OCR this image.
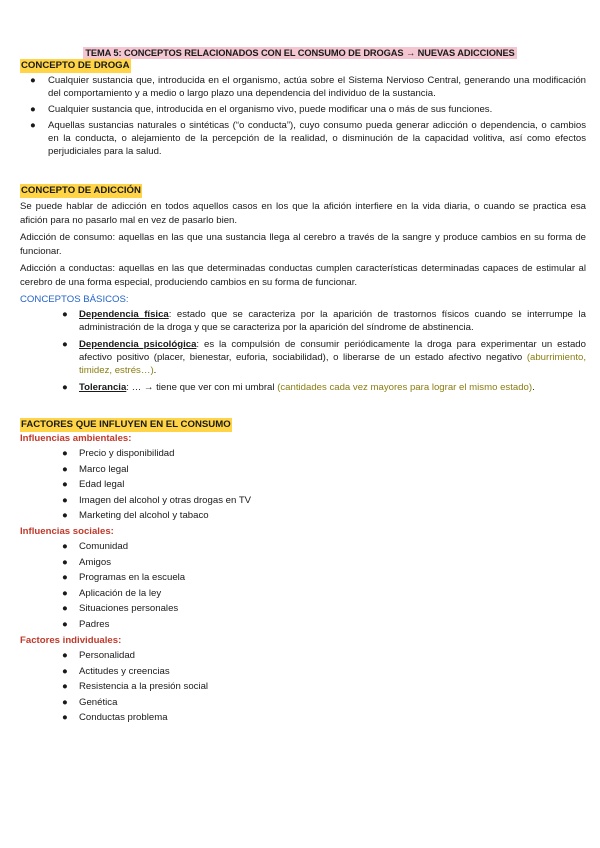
TEMA 5: CONCEPTOS RELACIONADOS CON EL CONSUMO DE DROGAS → NUEVAS ADICCIONES
CONCEPTO DE DROGA
● Cualquier sustancia que, introducida en el organismo, actúa sobre el Sistema Nervioso Central, generando una modificación del comportamiento y a medio o largo plazo una dependencia del individuo de la sustancia.
● Cualquier sustancia que, introducida en el organismo vivo, puede modificar una o más de sus funciones.
● Aquellas sustancias naturales o sintéticas (“o conducta”), cuyo consumo pueda generar adicción o dependencia, o cambios en la conducta, o alejamiento de la percepción de la realidad, o disminución de la capacidad volitiva, así como efectos perjudiciales para la salud.
CONCEPTO DE ADICCIÓN

Se puede hablar de adicción en todos aquellos casos en los que la afición interfiere en la vida diaria, o cuando se practica esa afición para no pasarlo mal en vez de pasarlo bien.

Adicción de consumo: aquellas en las que una sustancia llega al cerebro a través de la sangre y produce cambios en su forma de funcionar.

Adicción a conductas: aquellas en las que determinadas conductas cumplen características determinadas capaces de estimular al cerebro de una forma especial, produciendo cambios en su forma de funcionar.

CONCEPTOS BÁSICOS:
● Dependencia física: estado que se caracteriza por la aparición de trastornos físicos cuando se interrumpe la administración de la droga y que se caracteriza por la aparición del síndrome de abstinencia.
● Dependencia psicológica: es la compulsión de consumir periódicamente la droga para experimentar un estado afectivo positivo (placer, bienestar, euforia, sociabilidad), o liberarse de un estado afectivo negativo (aburrimiento, timidez, estrés…).
● Tolerancia: … → tiene que ver con mi umbral (cantidades cada vez mayores para lograr el mismo estado).
FACTORES QUE INFLUYEN EN EL CONSUMO
Influencias ambientales:
● Precio y disponibilidad
● Marco legal
● Edad legal
● Imagen del alcohol y otras drogas en TV
● Marketing del alcohol y tabaco
Influencias sociales:
● Comunidad
● Amigos
● Programas en la escuela
● Aplicación de la ley
● Situaciones personales
● Padres
Factores individuales:
● Personalidad
● Actitudes y creencias
● Resistencia a la presión social
● Genética
● Conductas problema
